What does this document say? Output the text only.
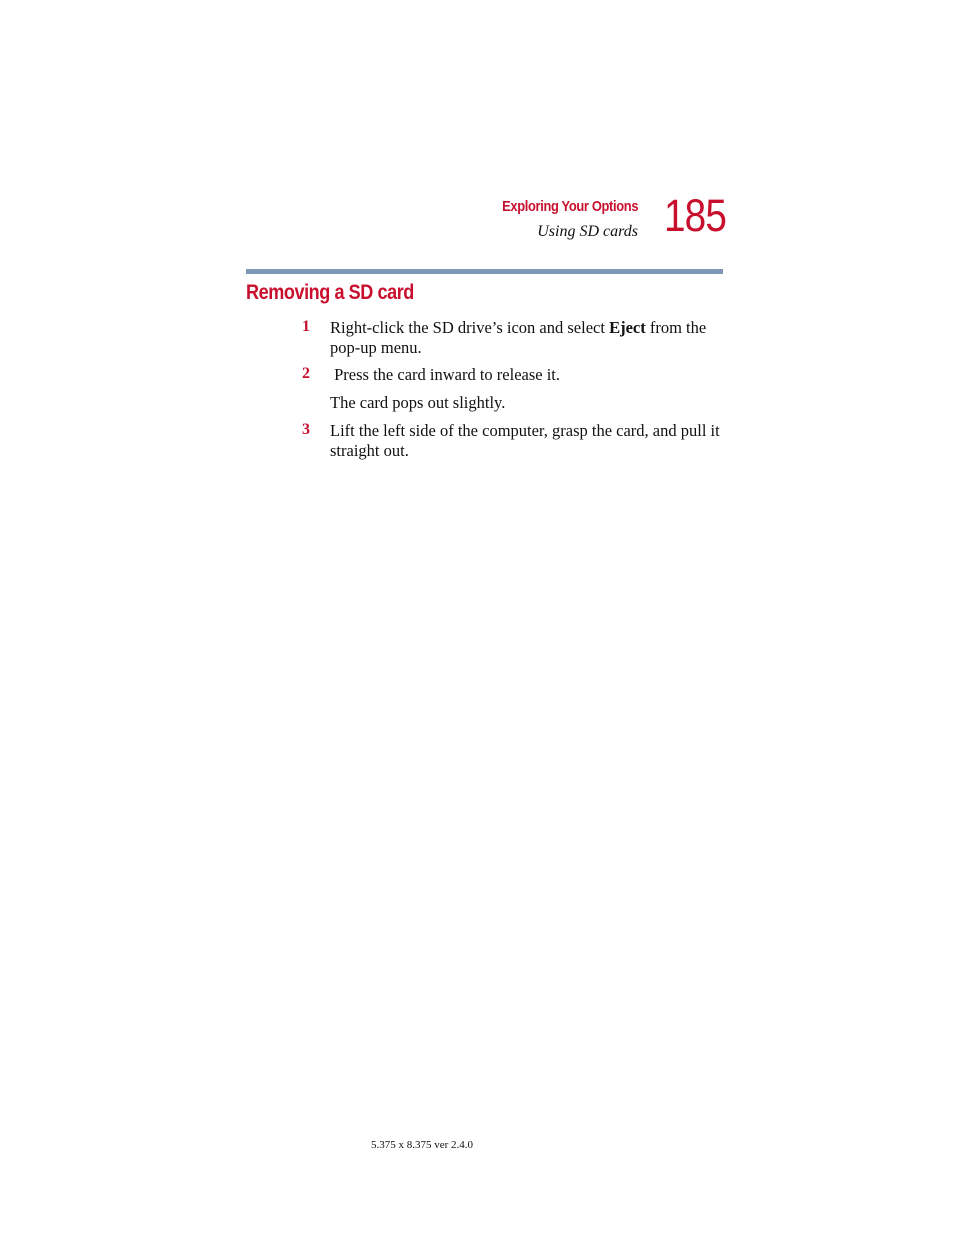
Exploring Your Options
Using SD cards 185
Removing a SD card
1 Right-click the SD drive’s icon and select Eject from the pop-up menu.
2 Press the card inward to release it.
The card pops out slightly.
3 Lift the left side of the computer, grasp the card, and pull it straight out.
5.375 x 8.375 ver 2.4.0
